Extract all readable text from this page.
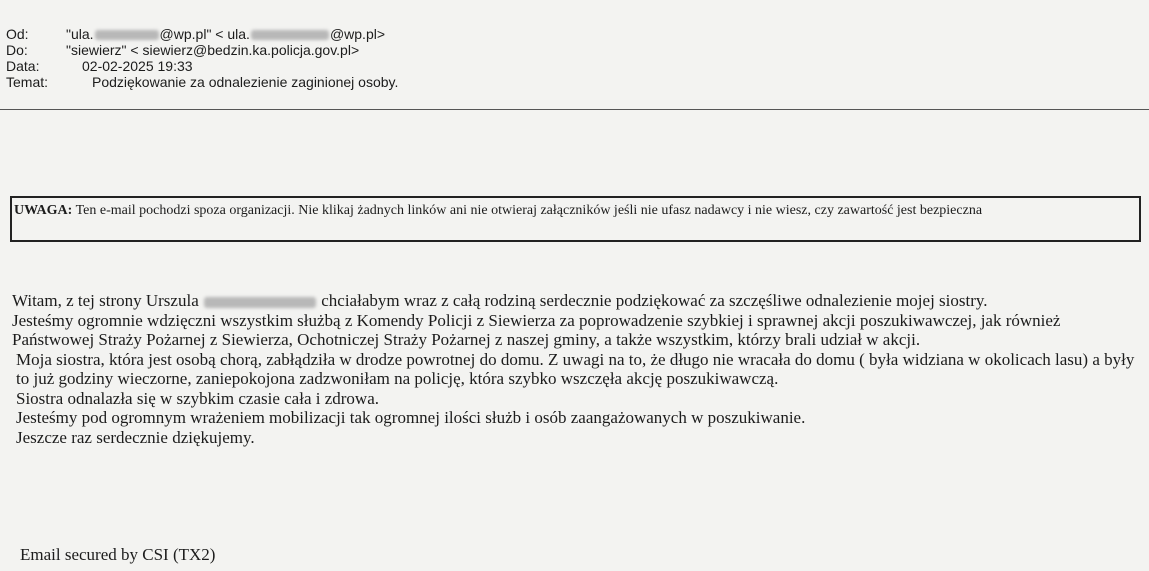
Od:	"ula.	@wp.pl" < ula.	@wp.pl>
Do:	"siewierz" < siewierz@bedzin.ka.policja.gov.pl>
Data:	02-02-2025 19:33
Temat:	Podziękowanie za odnalezienie zaginionej osoby.
UWAGA: Ten e-mail pochodzi spoza organizacji. Nie klikaj żadnych linków ani nie otwieraj załączników jeśli nie ufasz nadawcy i nie wiesz, czy zawartość jest bezpieczna

Witam, z tej strony Urszula	chciałabym wraz z całą rodziną serdecznie podziękować za szczęśliwe odnalezienie mojej siostry.

Jesteśmy ogromnie wdzięczni wszystkim służbą z Komendy Policji z Siewierza za poprowadzenie szybkiej i sprawnej akcji poszukiwawczej, jak również Państwowej Straży Pożarnej z Siewierza, Ochotniczej Straży Pożarnej z naszej gminy, a także wszystkim, którzy brali udział w akcji.

Moja siostra, która jest osobą chorą, zabłądziła w drodze powrotnej do domu. Z uwagi na to, że długo nie wracała do domu ( była widziana w okolicach lasu) a były to już godziny wieczorne, zaniepokojona zadzwoniłam na policję, która szybko wszczęła akcję poszukiwawczą.

Siostra odnalazła się w szybkim czasie cała i zdrowa.

Jesteśmy pod ogromnym wrażeniem mobilizacji tak ogromnej ilości służb i osób zaangażowanych w poszukiwanie.

Jeszcze raz serdecznie dziękujemy.

Email secured by CSI (TX2)
